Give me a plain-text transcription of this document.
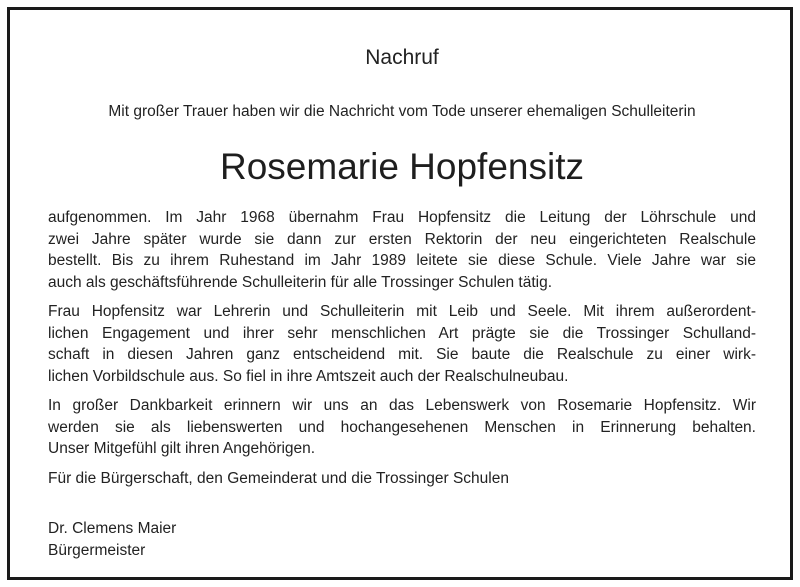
Nachruf
Mit großer Trauer haben wir die Nachricht vom Tode unserer ehemaligen Schulleiterin
Rosemarie Hopfensitz
aufgenommen. Im Jahr 1968 übernahm Frau Hopfensitz die Leitung der Löhrschule und
zwei Jahre später wurde sie dann zur ersten Rektorin der neu eingerichteten Realschule
bestellt. Bis zu ihrem Ruhestand im Jahr 1989 leitete sie diese Schule. Viele Jahre war sie
auch als geschäftsführende Schulleiterin für alle Trossinger Schulen tätig.
Frau Hopfensitz war Lehrerin und Schulleiterin mit Leib und Seele. Mit ihrem außerordent-
lichen Engagement und ihrer sehr menschlichen Art prägte sie die Trossinger Schulland-
schaft in diesen Jahren ganz entscheidend mit. Sie baute die Realschule zu einer wirk-
lichen Vorbildschule aus. So fiel in ihre Amtszeit auch der Realschulneubau.
In großer Dankbarkeit erinnern wir uns an das Lebenswerk von Rosemarie Hopfensitz. Wir
werden sie als liebenswerten und hochangesehenen Menschen in Erinnerung behalten.
Unser Mitgefühl gilt ihren Angehörigen.
Für die Bürgerschaft, den Gemeinderat und die Trossinger Schulen
Dr. Clemens Maier
Bürgermeister
